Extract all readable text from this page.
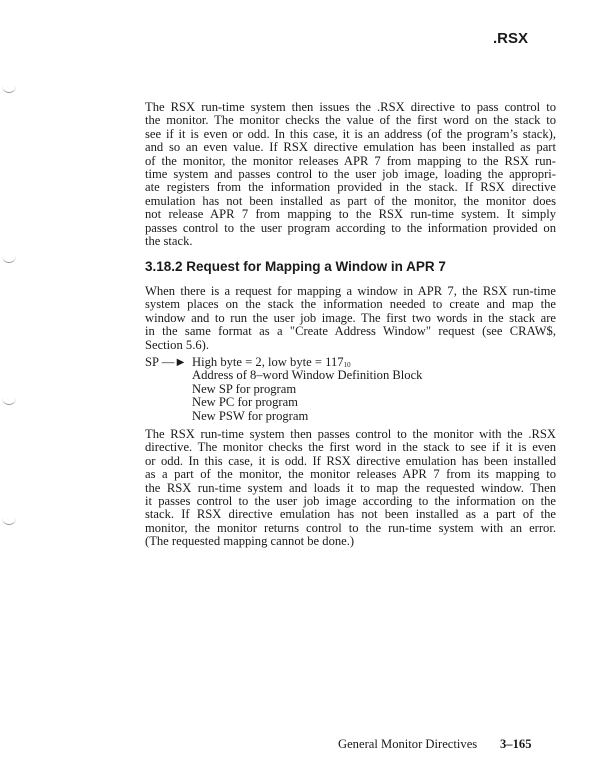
.RSX
The RSX run-time system then issues the .RSX directive to pass control to
the monitor. The monitor checks the value of the first word on the stack to
see if it is even or odd. In this case, it is an address (of the program’s stack),
and so an even value. If RSX directive emulation has been installed as part
of the monitor, the monitor releases APR 7 from mapping to the RSX run-
time system and passes control to the user job image, loading the appropri-
ate registers from the information provided in the stack. If RSX directive
emulation has not been installed as part of the monitor, the monitor does
not release APR 7 from mapping to the RSX run-time system. It simply
passes control to the user program according to the information provided on
the stack.
3.18.2 Request for Mapping a Window in APR 7
When there is a request for mapping a window in APR 7, the RSX run-time
system places on the stack the information needed to create and map the
window and to run the user job image. The first two words in the stack are
in the same format as a "Create Address Window" request (see CRAW$,
Section 5.6).
SP —► High byte = 2, low byte = $117_{10}$
Address of 8–word Window Definition Block
New SP for program
New PC for program
New PSW for program
The RSX run-time system then passes control to the monitor with the .RSX
directive. The monitor checks the first word in the stack to see if it is even
or odd. In this case, it is odd. If RSX directive emulation has been installed
as a part of the monitor, the monitor releases APR 7 from its mapping to
the RSX run-time system and loads it to map the requested window. Then
it passes control to the user job image according to the information on the
stack. If RSX directive emulation has not been installed as a part of the
monitor, the monitor returns control to the run-time system with an error.
(The requested mapping cannot be done.)
General Monitor Directives 3–165
